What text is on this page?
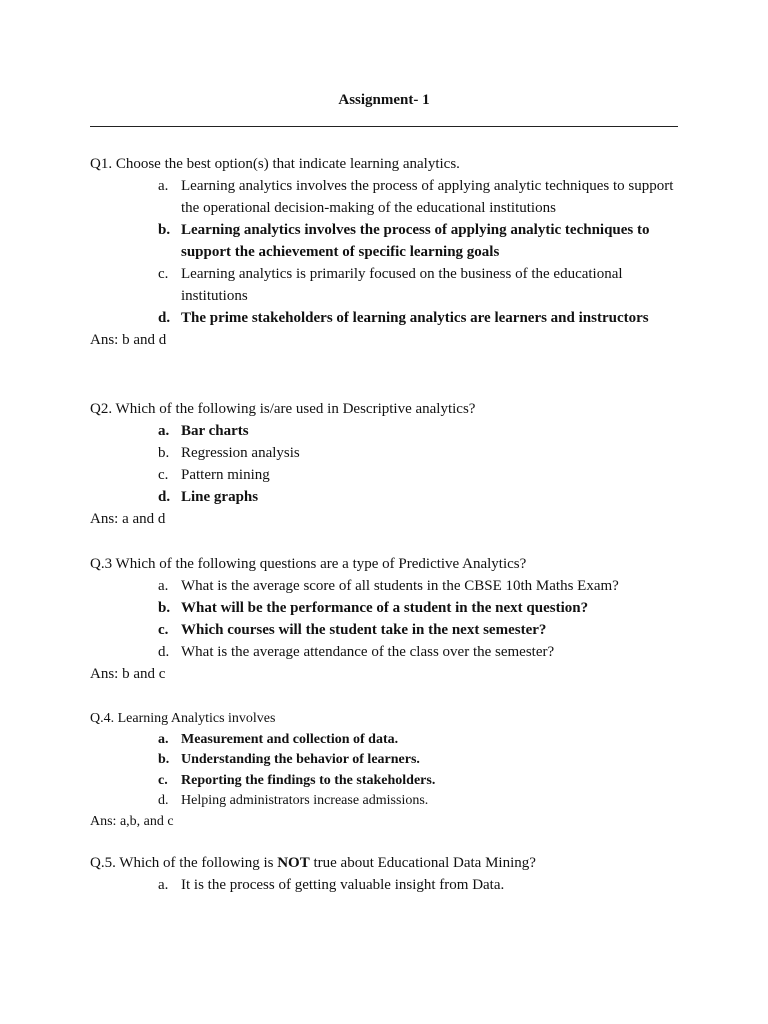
Assignment- 1
Q1. Choose the best option(s) that indicate learning analytics.
a. Learning analytics involves the process of applying analytic techniques to support the operational decision-making of the educational institutions
b. Learning analytics involves the process of applying analytic techniques to support the achievement of specific learning goals
c. Learning analytics is primarily focused on the business of the educational institutions
d. The prime stakeholders of learning analytics are learners and instructors
Ans: b and d
Q2. Which of the following is/are used in Descriptive analytics?
a. Bar charts
b. Regression analysis
c. Pattern mining
d. Line graphs
Ans: a and d
Q.3 Which of the following questions are a type of Predictive Analytics?
a. What is the average score of all students in the CBSE 10th Maths Exam?
b. What will be the performance of a student in the next question?
c. Which courses will the student take in the next semester?
d. What is the average attendance of the class over the semester?
Ans: b and c
Q.4. Learning Analytics involves
a. Measurement and collection of data.
b. Understanding the behavior of learners.
c. Reporting the findings to the stakeholders.
d. Helping administrators increase admissions.
Ans: a,b, and c
Q.5. Which of the following is NOT true about Educational Data Mining?
a. It is the process of getting valuable insight from Data.
